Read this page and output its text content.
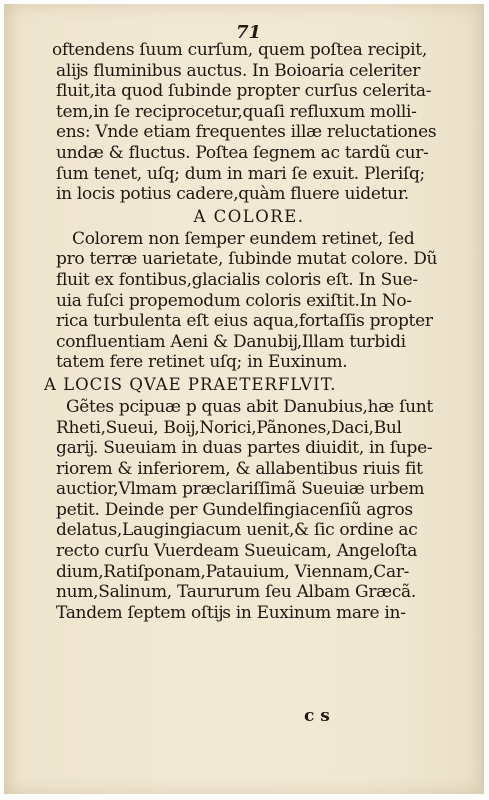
71
oftendens ſuum curſum, quem poſtea recipit,
alĳs fluminibus auctus. In Boioaria celeriter
fluit,ita quod ſubinde propter curſus celerita-
tem,in ſe reciprocetur,quaſi refluxum molli-
ens: Vnde etiam frequentes illæ reluctationes
undæ & fluctus. Poſtea ſegnem ac tardũ cur-
ſum tenet, uſq; dum in mari ſe exuit. Pleriſq;
in locis potius cadere,quàm fluere uidetur.
A COLORE.
Colorem non ſemper eundem retinet, ſed
pro terræ uarietate, ſubinde mutat colore. Dũ
fluit ex fontibus,glacialis coloris eſt. In Sue-
uia fuſci propemodum coloris exiſtit.In No-
rica turbulenta eſt eius aqua,fortaſſis propter
confluentiam Aeni & Danubĳ,Illam turbidi
tatem fere retinet uſq; in Euxinum.
A LOCIS QVAE PRAETERFLVIT.
Gẽtes pcipuæ p quas abit Danubius,hæ ſunt
Rheti,Sueui, Boĳ,Norici,Pãnones,Daci,Bul
garĳ. Sueuiam in duas partes diuidit, in ſupe-
riorem & inferiorem, & allabentibus riuis fit
auctior,Vlmam præclariſſimã Sueuiæ urbem
petit. Deinde per Gundelfingiacenſiũ agros
delatus,Laugingiacum uenit,& ſic ordine ac
recto curſu Vuerdeam Sueuicam, Angeloſta
dium,Ratiſponam,Patauium, Viennam,Car-
num,Salinum, Taururum ſeu Albam Græcã.
Tandem ſeptem oſtĳs in Euxinum mare in-
c s
